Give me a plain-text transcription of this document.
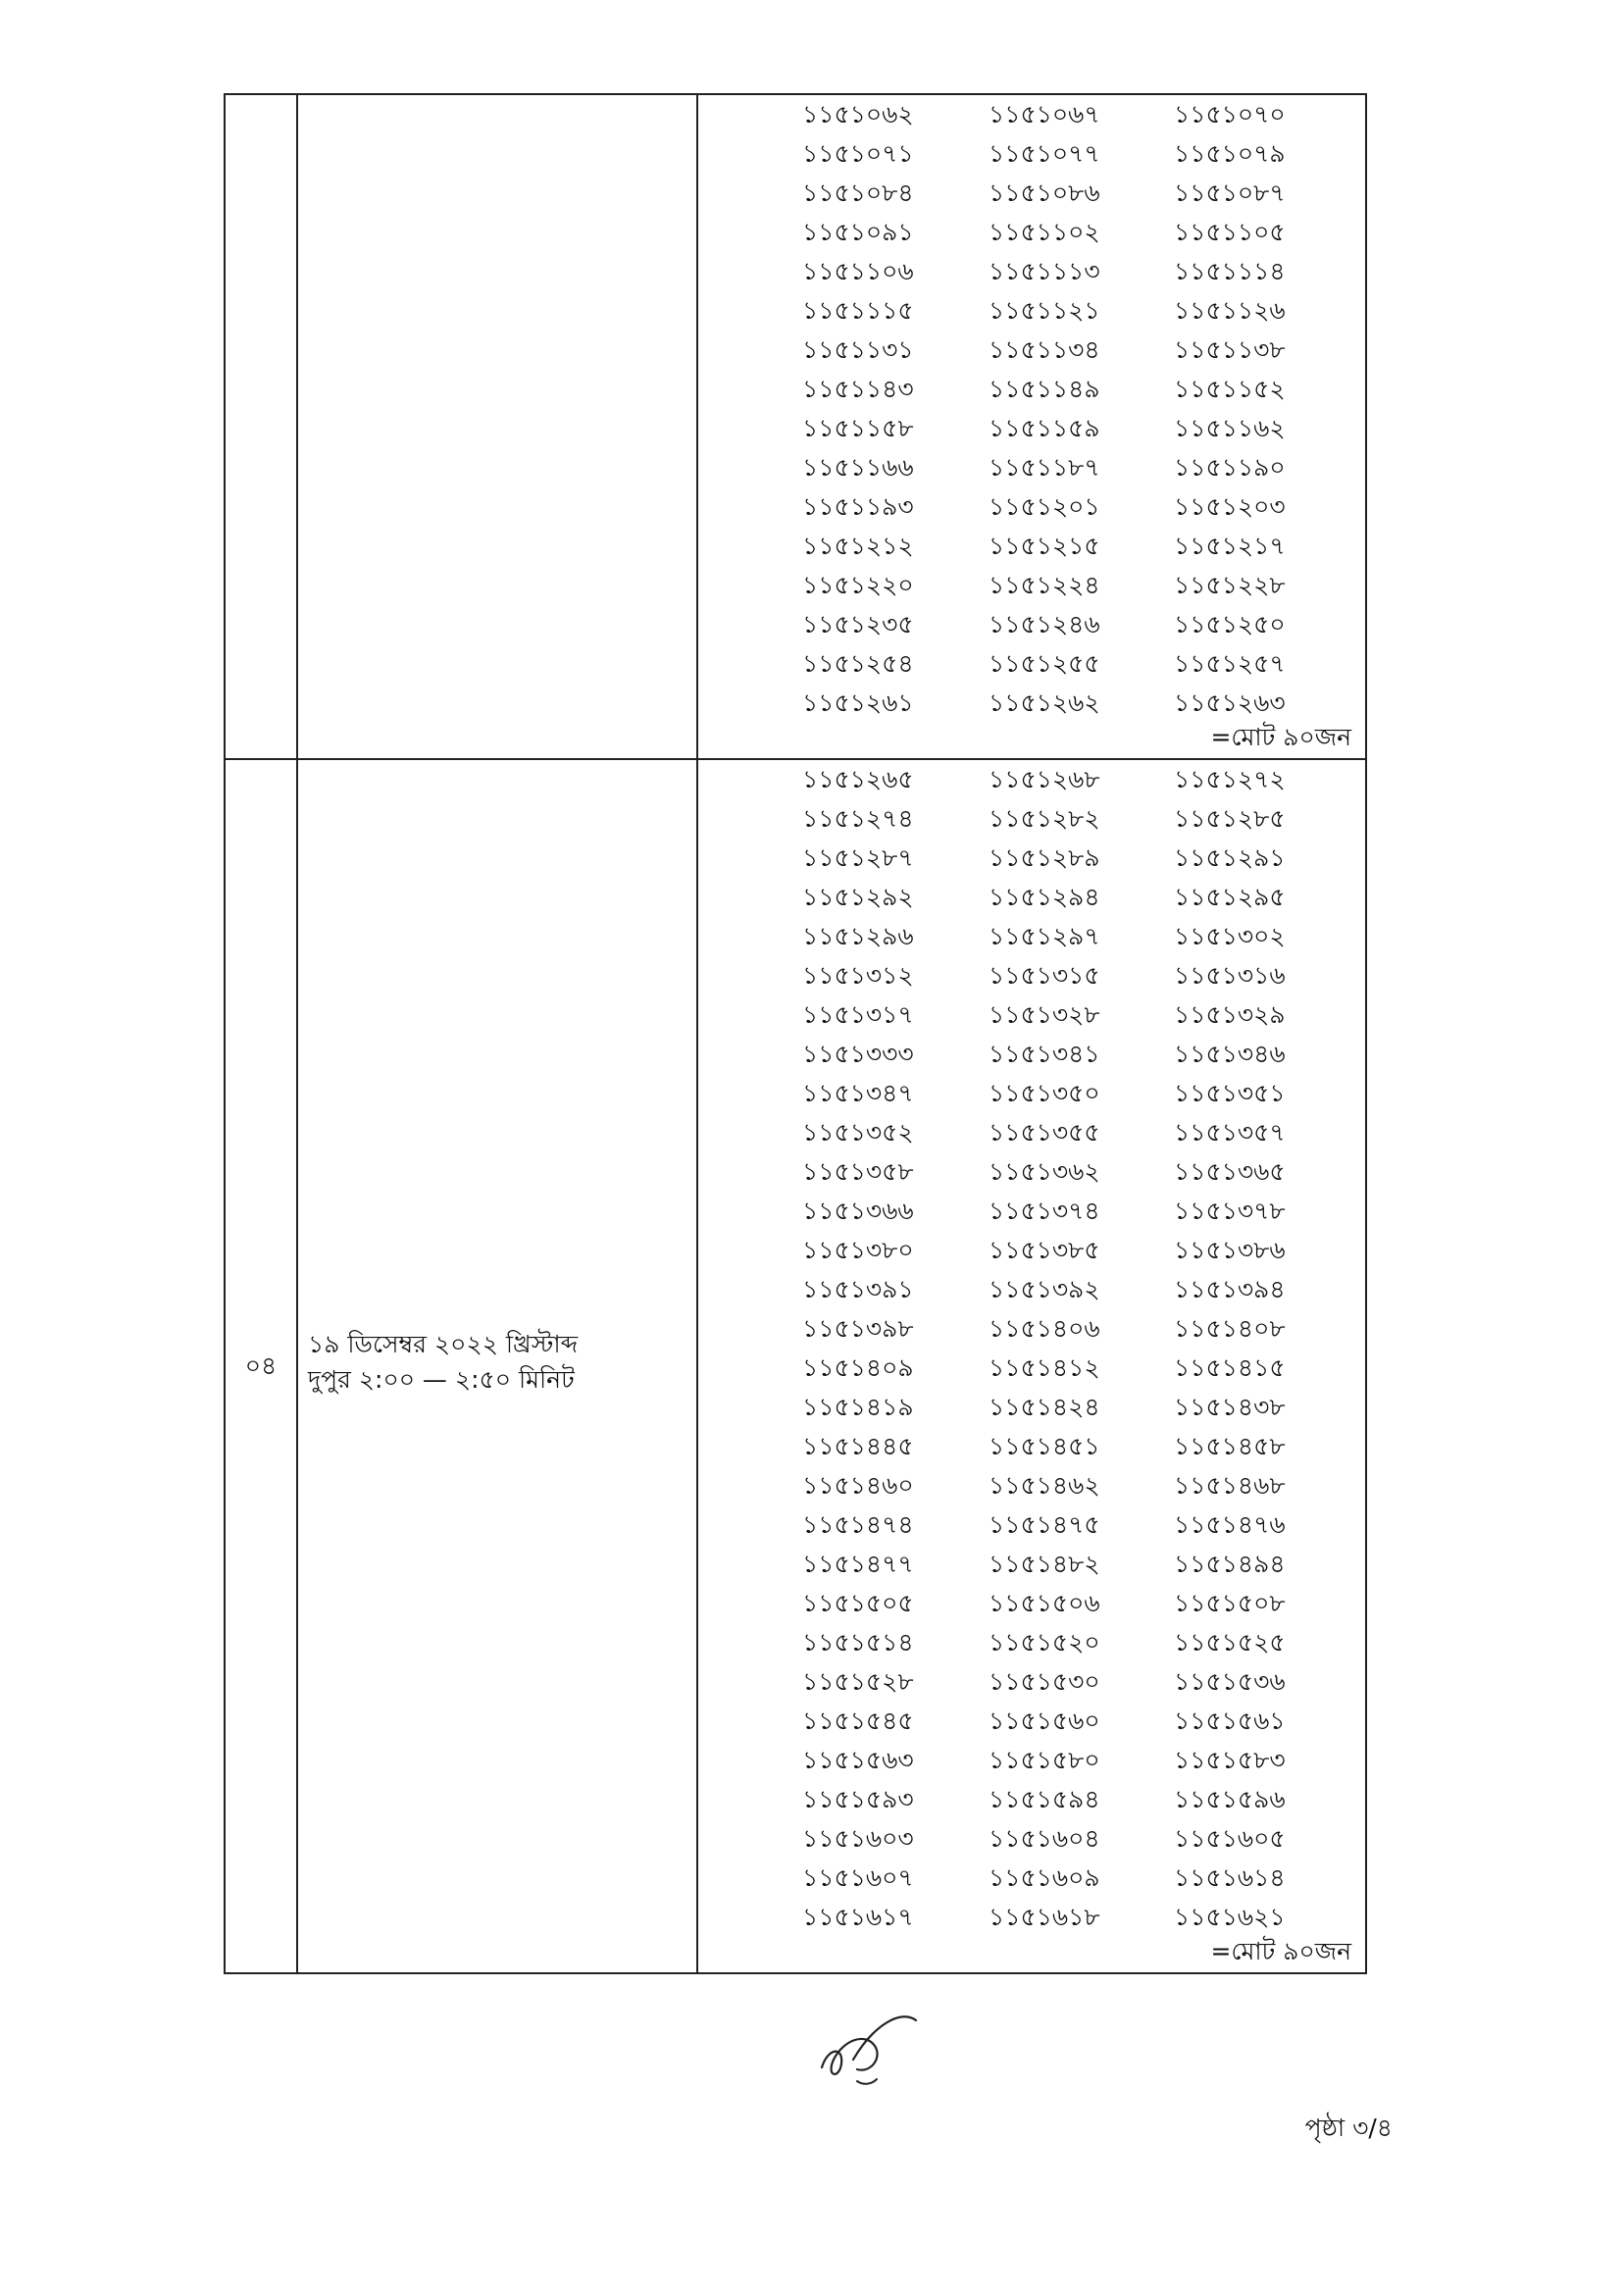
১১৫১০৬২	১১৫১০৬৭	১১৫১০৭০
১১৫১০৭১	১১৫১০৭৭	১১৫১০৭৯
১১৫১০৮৪	১১৫১০৮৬	১১৫১০৮৭
১১৫১০৯১	১১৫১১০২	১১৫১১০৫
১১৫১১০৬	১১৫১১১৩	১১৫১১১৪
১১৫১১১৫	১১৫১১২১	১১৫১১২৬
১১৫১১৩১	১১৫১১৩৪	১১৫১১৩৮
১১৫১১৪৩	১১৫১১৪৯	১১৫১১৫২
১১৫১১৫৮	১১৫১১৫৯	১১৫১১৬২
১১৫১১৬৬	১১৫১১৮৭	১১৫১১৯০
১১৫১১৯৩	১১৫১২০১	১১৫১২০৩
১১৫১২১২	১১৫১২১৫	১১৫১২১৭
১১৫১২২০	১১৫১২২৪	১১৫১২২৮
১১৫১২৩৫	১১৫১২৪৬	১১৫১২৫০
১১৫১২৫৪	১১৫১২৫৫	১১৫১২৫৭
১১৫১২৬১	১১৫১২৬২	১১৫১২৬৩
=মোট ৯০জন
০৪
১৯ ডিসেম্বর ২০২২ খ্রিস্টাব্দ
দুপুর ২:০০ — ২:৫০ মিনিট
১১৫১২৬৫	১১৫১২৬৮	১১৫১২৭২
১১৫১২৭৪	১১৫১২৮২	১১৫১২৮৫
১১৫১২৮৭	১১৫১২৮৯	১১৫১২৯১
১১৫১২৯২	১১৫১২৯৪	১১৫১২৯৫
১১৫১২৯৬	১১৫১২৯৭	১১৫১৩০২
১১৫১৩১২	১১৫১৩১৫	১১৫১৩১৬
১১৫১৩১৭	১১৫১৩২৮	১১৫১৩২৯
১১৫১৩৩৩	১১৫১৩৪১	১১৫১৩৪৬
১১৫১৩৪৭	১১৫১৩৫০	১১৫১৩৫১
১১৫১৩৫২	১১৫১৩৫৫	১১৫১৩৫৭
১১৫১৩৫৮	১১৫১৩৬২	১১৫১৩৬৫
১১৫১৩৬৬	১১৫১৩৭৪	১১৫১৩৭৮
১১৫১৩৮০	১১৫১৩৮৫	১১৫১৩৮৬
১১৫১৩৯১	১১৫১৩৯২	১১৫১৩৯৪
১১৫১৩৯৮	১১৫১৪০৬	১১৫১৪০৮
১১৫১৪০৯	১১৫১৪১২	১১৫১৪১৫
১১৫১৪১৯	১১৫১৪২৪	১১৫১৪৩৮
১১৫১৪৪৫	১১৫১৪৫১	১১৫১৪৫৮
১১৫১৪৬০	১১৫১৪৬২	১১৫১৪৬৮
১১৫১৪৭৪	১১৫১৪৭৫	১১৫১৪৭৬
১১৫১৪৭৭	১১৫১৪৮২	১১৫১৪৯৪
১১৫১৫০৫	১১৫১৫০৬	১১৫১৫০৮
১১৫১৫১৪	১১৫১৫২০	১১৫১৫২৫
১১৫১৫২৮	১১৫১৫৩০	১১৫১৫৩৬
১১৫১৫৪৫	১১৫১৫৬০	১১৫১৫৬১
১১৫১৫৬৩	১১৫১৫৮০	১১৫১৫৮৩
১১৫১৫৯৩	১১৫১৫৯৪	১১৫১৫৯৬
১১৫১৬০৩	১১৫১৬০৪	১১৫১৬০৫
১১৫১৬০৭	১১৫১৬০৯	১১৫১৬১৪
১১৫১৬১৭	১১৫১৬১৮	১১৫১৬২১
=মোট ৯০জন
পৃষ্ঠা ৩/৪
